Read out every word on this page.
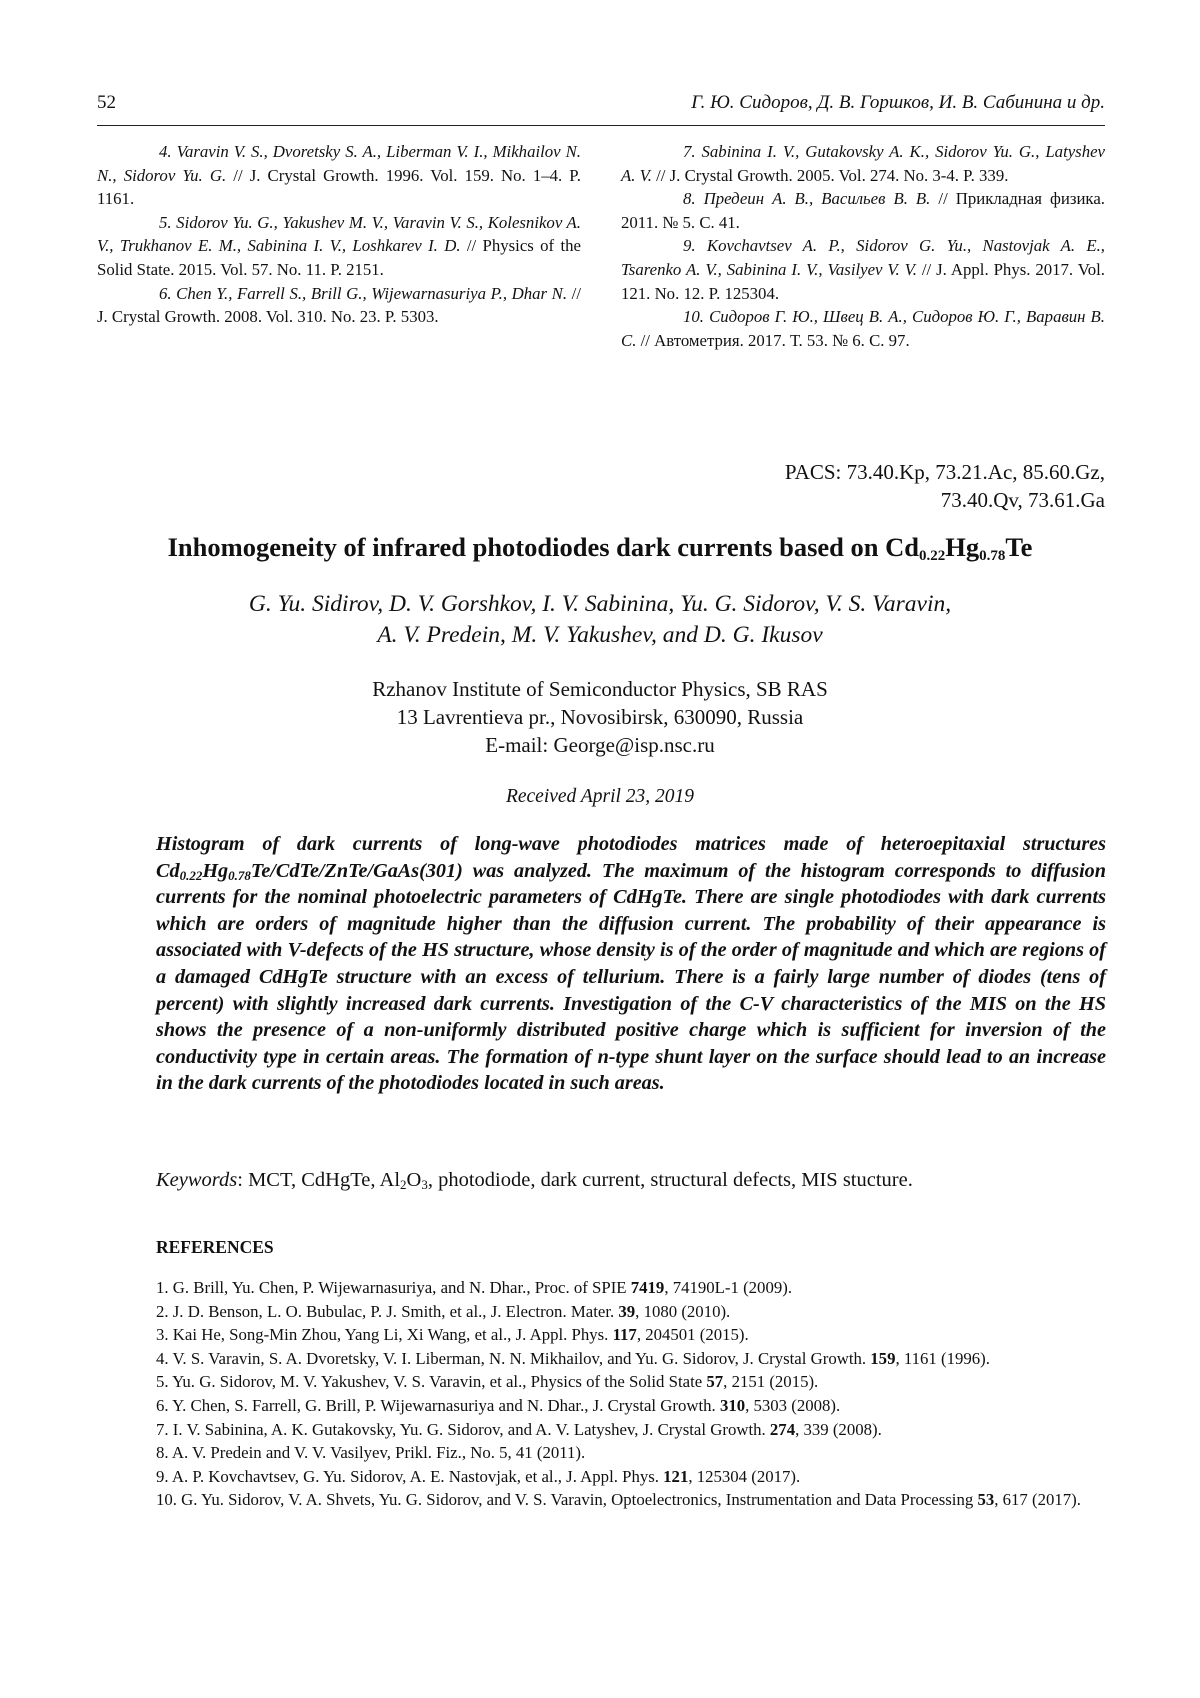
52	Г. Ю. Сидоров, Д. В. Горшков, И. В. Сабинина и др.

4. Varavin V. S., Dvoretsky S. A., Liberman V. I., Mikhailov N. N., Sidorov Yu. G. // J. Crystal Growth. 1996. Vol. 159. No. 1–4. P. 1161.

5. Sidorov Yu. G., Yakushev M. V., Varavin V. S., Kolesnikov A. V., Trukhanov E. M., Sabinina I. V., Loshkarev I. D. // Physics of the Solid State. 2015. Vol. 57. No. 11. P. 2151.

6. Chen Y., Farrell S., Brill G., Wijewarnasuriya P., Dhar N. // J. Crystal Growth. 2008. Vol. 310. No. 23. P. 5303.

7. Sabinina I. V., Gutakovsky A. K., Sidorov Yu. G., Latyshev A. V. // J. Crystal Growth. 2005. Vol. 274. No. 3-4. P. 339.

8. Предеин А. В., Васильев В. В. // Прикладная физика. 2011. № 5. С. 41.

9. Kovchavtsev A. P., Sidorov G. Yu., Nastovjak A. E., Tsarenko A. V., Sabinina I. V., Vasilyev V. V. // J. Appl. Phys. 2017. Vol. 121. No. 12. P. 125304.

10. Сидоров Г. Ю., Швец В. А., Сидоров Ю. Г., Варавин В. С. // Автометрия. 2017. Т. 53. № 6. С. 97.

PACS: 73.40.Kp, 73.21.Ac, 85.60.Gz,
73.40.Qv, 73.61.Ga
Inhomogeneity of infrared photodiodes dark currents based on Cd0.22Hg0.78Te
G. Yu. Sidirov, D. V. Gorshkov, I. V. Sabinina, Yu. G. Sidorov, V. S. Varavin,
A. V. Predein, M. V. Yakushev, and D. G. Ikusov
Rzhanov Institute of Semiconductor Physics, SB RAS
13 Lavrentieva pr., Novosibirsk, 630090, Russia
E-mail: George@isp.nsc.ru
Received April 23, 2019
Histogram of dark currents of long-wave photodiodes matrices made of heteroepitaxial structures Cd0.22Hg0.78Te/CdTe/ZnTe/GaAs(301) was analyzed. The maximum of the histogram corresponds to diffusion currents for the nominal photoelectric parameters of CdHgTe. There are single photodiodes with dark currents which are orders of magnitude higher than the diffusion current. The probability of their appearance is associated with V-defects of the HS structure, whose density is of the order of magnitude and which are regions of a damaged CdHgTe structure with an excess of tellurium. There is a fairly large number of diodes (tens of percent) with slightly increased dark currents. Investigation of the C-V characteristics of the MIS on the HS shows the presence of a non-uniformly distributed positive charge which is sufficient for inversion of the conductivity type in certain areas. The formation of n-type shunt layer on the surface should lead to an increase in the dark currents of the photodiodes located in such areas.
Keywords: MCT, CdHgTe, Al2O3, photodiode, dark current, structural defects, MIS stucture.
REFERENCES

1. G. Brill, Yu. Chen, P. Wijewarnasuriya, and N. Dhar., Proc. of SPIE 7419, 74190L-1 (2009).

2. J. D. Benson, L. O. Bubulac, P. J. Smith, et al., J. Electron. Mater. 39, 1080 (2010).

3. Kai He, Song-Min Zhou, Yang Li, Xi Wang, et al., J. Appl. Phys. 117, 204501 (2015).

4. V. S. Varavin, S. A. Dvoretsky, V. I. Liberman, N. N. Mikhailov, and Yu. G. Sidorov, J. Crystal Growth. 159, 1161 (1996).

5. Yu. G. Sidorov, M. V. Yakushev, V. S. Varavin, et al., Physics of the Solid State 57, 2151 (2015).

6. Y. Chen, S. Farrell, G. Brill, P. Wijewarnasuriya and N. Dhar., J. Crystal Growth. 310, 5303 (2008).

7. I. V. Sabinina, A. K. Gutakovsky, Yu. G. Sidorov, and A. V. Latyshev, J. Crystal Growth. 274, 339 (2008).

8. A. V. Predein and V. V. Vasilyev, Prikl. Fiz., No. 5, 41 (2011).

9. A. P. Kovchavtsev, G. Yu. Sidorov, A. E. Nastovjak, et al., J. Appl. Phys. 121, 125304 (2017).

10. G. Yu. Sidorov, V. A. Shvets, Yu. G. Sidorov, and V. S. Varavin, Optoelectronics, Instrumentation and Data Processing 53, 617 (2017).
